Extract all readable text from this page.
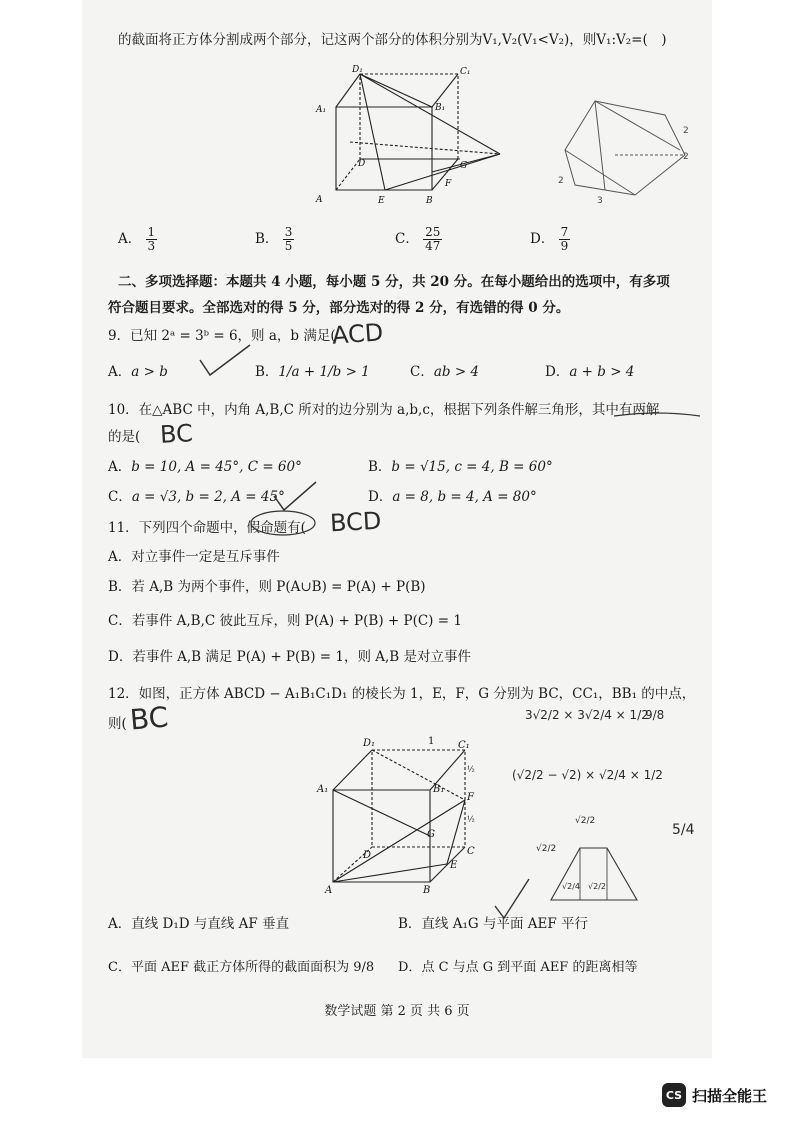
的截面将正方体分割成两个部分，记这两个部分的体积分别为V₁,V₂(V₁<V₂)，则V₁:V₂=(　)
D₁	C₁
A₁	B₁
D	G
F
A	E	B
2
2
3
2
A． $\frac{1}{3}$	B． $\frac{3}{5}$	C． $\frac{25}{47}$	D． $\frac{7}{9}$
二、多项选择题：本题共 4 小题，每小题 5 分，共 20 分。在每小题给出的选项中，有多项
符合题目要求。全部选对的得 5 分，部分选对的得 2 分，有选错的得 0 分。
9．已知 2ᵃ = 3ᵇ = 6，则 a，b 满足(
ACD
A．a > b	B．1/a + 1/b > 1	C．ab > 4	D．a + b > 4
10．在△ABC 中，内角 A,B,C 所对的边分别为 a,b,c，根据下列条件解三角形，其中有两解
的是( BC
A．b = 10, A = 45°, C = 60°	B．b = √15, c = 4, B = 60°
C．a = √3, b = 2, A = 45°	D．a = 8, b = 4, A = 80°
11．下列四个命题中，假命题有( BCD
A．对立事件一定是互斥事件
B．若 A,B 为两个事件，则 P(A∪B) = P(A) + P(B)
C．若事件 A,B,C 彼此互斥，则 P(A) + P(B) + P(C) = 1
D．若事件 A,B 满足 P(A) + P(B) = 1，则 A,B 是对立事件
12．如图，正方体 ABCD − A₁B₁C₁D₁ 的棱长为 1，E，F，G 分别为 BC，CC₁，BB₁ 的中点，
则( BC
D₁	1 C₁
A₁	B₁
½
F
½
G
C
E
D
A	B
3√2/2 × 3√2/4 × 1/2
9/8
(√2/2 − √2) × √2/4 × 1/2
5/4
√2/2
√2/2
√2/4 √2/2
A．直线 D₁D 与直线 AF 垂直	B．直线 A₁G 与平面 AEF 平行
C．平面 AEF 截正方体所得的截面面积为 9/8 D．点 C 与点 G 到平面 AEF 的距离相等
数学试题 第 2 页 共 6 页
CS 扫描全能王
